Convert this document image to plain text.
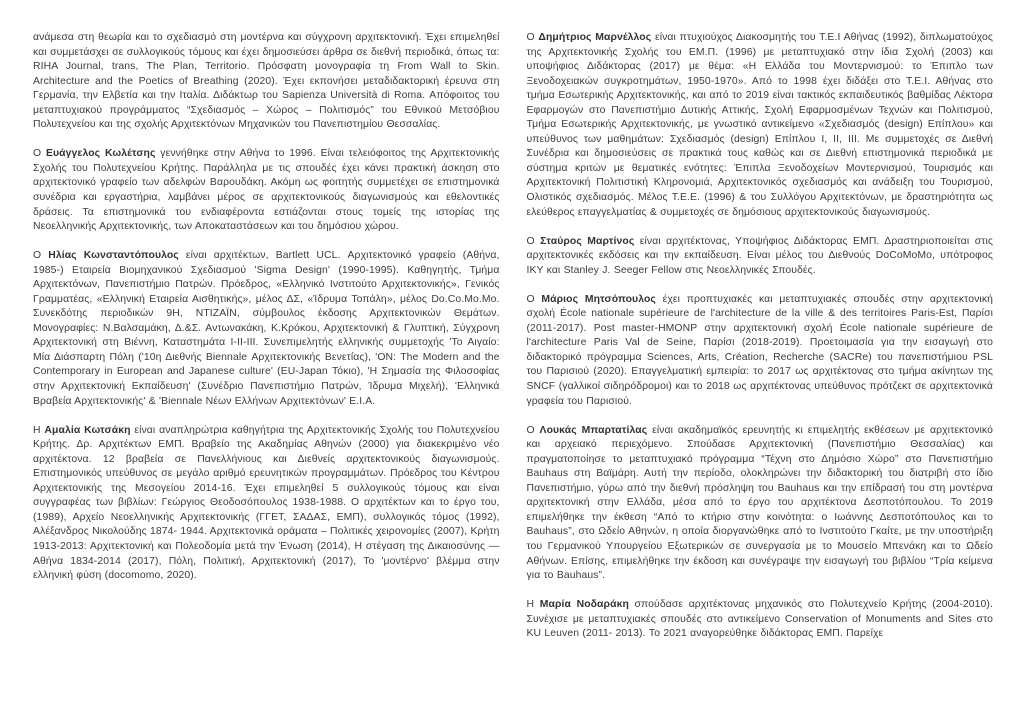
ανάμεσα στη θεωρία και το σχεδιασμό στη μοντέρνα και σύγχρονη αρχιτεκτονική. Έχει επιμεληθεί και συμμετάσχει σε συλλογικούς τόμους και έχει δημοσιεύσει άρθρα σε διεθνή περιοδικά, όπως τα: RIHA Journal, trans, The Plan, Territorio. Πρόσφατη μονογραφία τη From Wall to Skin. Architecture and the Poetics of Breathing (2020). Έχει εκπονήσει μεταδιδακτορική έρευνα στη Γερμανία, την Ελβετία και την Ιταλία. Διδάκτωρ του Sapienza Università di Roma. Απόφοιτος του μεταπτυχιακού προγράμματος “Σχεδιασμός – Χώρος – Πολιτισμός” του Εθνικού Μετσόβιου Πολυτεχνείου και της σχολής Αρχιτεκτόνων Μηχανικών του Πανεπιστημίου Θεσσαλίας.

Ο Ευάγγελος Κωλέτσης γεννήθηκε στην Αθήνα το 1996. Είναι τελειόφοιτος της Αρχιτεκτονικής Σχολής του Πολυτεχνείου Κρήτης. Παράλληλα με τις σπουδές έχει κάνει πρακτική άσκηση στο αρχιτεκτονικό γραφείο των αδελφών Βαρουδάκη. Ακόμη ως φοιτητής συμμετέχει σε επιστημονικά συνέδρια και εργαστήρια, λαμβάνει μέρος σε αρχιτεκτονικούς διαγωνισμούς και εθελοντικές δράσεις. Τα επιστημονικά του ενδιαφέροντα εστιάζονται στους τομείς της ιστορίας της Νεοελληνικής Αρχιτεκτονικής, των Αποκαταστάσεων και του δημόσιου χώρου.

Ο Ηλίας Κωνσταντόπουλος είναι αρχιτέκτων, Bartlett UCL. Αρχιτεκτονικό γραφείο (Αθήνα, 1985-) Εταιρεία Βιομηχανικού Σχεδιασμού 'Sigma Design' (1990-1995). Καθηγητής, Τμήμα Αρχιτεκτόνων, Πανεπιστήμιο Πατρών. Πρόεδρος, «Ελληνικό Ινστιτούτο Αρχιτεκτονικής», Γενικός Γραμματέας, «Ελληνική Εταιρεία Αισθητικής», μέλος ΔΣ, «Ίδρυμα Τοπάλη», μέλος Do.Co.Mo.Mo. Συνεκδότης περιοδικών 9Η, ΝΤΙΖΑΪΝ, σύμβουλος έκδοσης Αρχιτεκτονικών Θεμάτων. Μονογραφίες: Ν.Βαλσαμάκη, Δ.&Σ. Αντωνακάκη, Κ.Κρόκου, Αρχιτεκτονική & Γλυπτική, Σύγχρονη Αρχιτεκτονική στη Βιέννη, Καταστημάτα Ι-ΙΙ-ΙΙΙ. Συνεπιμελητής ελληνικής συμμετοχής 'Το Αιγαίο: Μία Διάσπαρτη Πόλη ('10η Διεθνής Biennale Αρχιτεκτονικής Βενετίας), 'ON: The Modern and the Contemporary in European and Japanese culture' (EU-Japan Τόκιο), 'Η Σημασία της Φιλοσοφίας στην Αρχιτεκτονική Εκπαίδευση' (Συνέδριο Πανεπιστήμιο Πατρών, Ίδρυμα Μιχελή), 'Ελληνικά Βραβεία Αρχιτεκτονικής' & 'Biennale Νέων Ελλήνων Αρχιτεκτόνων' Ε.Ι.Α.

Η Αμαλία Κωτσάκη είναι αναπληρώτρια καθηγήτρια της Αρχιτεκτονικής Σχολής του Πολυτεχνείου Κρήτης. Δρ. Αρχιτέκτων ΕΜΠ. Βραβείο της Ακαδημίας Αθηνών (2000) για διακεκριμένο νέο αρχιτέκτονα. 12 βραβεία σε Πανελλήνιους και Διεθνείς αρχιτεκτονικούς διαγωνισμούς. Επιστημονικός υπεύθυνος σε μεγάλο αριθμό ερευνητικών προγραμμάτων. Πρόεδρος του Κέντρου Αρχιτεκτονικής της Μεσογείου 2014-16. Έχει επιμεληθεί 5 συλλογικούς τόμους και είναι συγγραφέας των βιβλίων: Γεώργιος Θεοδοσόπουλος 1938-1988. Ο αρχιτέκτων και το έργο του, (1989), Αρχείο Νεοελληνικής Αρχιτεκτονικής (ΓΓΕΤ, ΣΑΔΑΣ, ΕΜΠ), συλλογικός τόμος (1992), Αλέξανδρος Νικολούδης 1874- 1944. Αρχιτεκτονικά οράματα – Πολιτικές χειρονομίες (2007), Κρήτη 1913-2013: Αρχιτεκτονική και Πολεοδομία μετά την Ένωση (2014), Η στέγαση της Δικαιοσύνης — Αθήνα 1834-2014 (2017), Πόλη, Πολιτική, Αρχιτεκτονική (2017), Το 'μοντέρνο' βλέμμα στην ελληνική φύση (docomomo, 2020).

Ο Δημήτριος Μαρνέλλος είναι πτυχιούχος Διακοσμητής του Τ.Ε.Ι Αθήνας (1992), διπλωματούχος της Αρχιτεκτονικής Σχολής του ΕΜ.Π. (1996) με μεταπτυχιακό στην ίδια Σχολή (2003) και υποψήφιος Διδάκτορας (2017) με θέμα: «Η Ελλάδα του Μοντερνισμού: το Έπιπλο των Ξενοδοχειακών συγκροτημάτων, 1950-1970». Από το 1998 έχει διδάξει στο Τ.Ε.Ι. Αθήνας στο τμήμα Εσωτερικής Αρχιτεκτονικής, και από το 2019 είναι τακτικός εκπαιδευτικός βαθμίδας Λέκτορα Εφαρμογών στο Πανεπιστήμιο Δυτικής Αττικής, Σχολή Εφαρμοσμένων Τεχνών και Πολιτισμού, Τμήμα Εσωτερικής Αρχιτεκτονικής, με γνωστικό αντικείμενο «Σχεδιασμός (design) Επίπλου» και υπεύθυνος των μαθημάτων: Σχεδιασμός (design) Επίπλου Ι, ΙΙ, ΙΙΙ. Με συμμετοχές σε Διεθνή Συνέδρια και δημοσιεύσεις σε πρακτικά τους καθώς και σε Διεθνή επιστημονικά περιοδικά με σύστημα κριτών με θεματικές ενότητες: Έπιπλα Ξενοδοχείων Μοντερνισμού, Τουρισμός και Αρχιτεκτονική Πολιτιστική Κληρονομιά, Αρχιτεκτονικός σχεδιασμός και ανάδειξη του Τουρισμού, Ολιστικός σχεδιασμός. Μέλος Τ.Ε.Ε. (1996) & του Συλλόγου Αρχιτεκτόνων, με δραστηριότητα ως ελεύθερος επαγγελματίας & συμμετοχές σε δημόσιους αρχιτεκτονικούς διαγωνισμούς.

Ο Σταύρος Μαρτίνος είναι αρχιτέκτονας, Υποψήφιος Διδάκτορας ΕΜΠ. Δραστηριοποιείται στις αρχιτεκτονικές εκδόσεις και την εκπαίδευση. Είναι μέλος του Διεθνούς DoCoMoMo, υπότροφος ΙΚΥ και Stanley J. Seeger Fellow στις Νεοελληνικές Σπουδές.

Ο Μάριος Μητσόπουλος έχει προπτυχιακές και μεταπτυχιακές σπουδές στην αρχιτεκτονική σχολή École nationale supérieure de l'architecture de la ville & des territoires Paris-Est, Παρίσι (2011-2017). Post master-HMONP στην αρχιτεκτονική σχολή École nationale supérieure de l'architecture Paris Val de Seine, Παρίσι (2018-2019). Προετοιμασία για την εισαγωγή στο διδακτορικό πρόγραμμα Sciences, Arts, Création, Recherche (SACRe) του πανεπιστήμιου PSL του Παρισιού (2020). Επαγγελματική εμπειρία: το 2017 ως αρχιτέκτονας στο τμήμα ακίνητων της SNCF (γαλλικοί σιδηρόδρομοι) και το 2018 ως αρχιτέκτονας υπεύθυνος πρότζεκτ σε αρχιτεκτονικά γραφεία του Παρισιού.

Ο Λουκάς Μπαρτατίλας είναι ακαδημαϊκός ερευνητής κι επιμελητής εκθέσεων με αρχιτεκτονικό και αρχειακό περιεχόμενο. Σπούδασε Αρχιτεκτονική (Πανεπιστήμιο Θεσσαλίας) και πραγματοποίησε το μεταπτυχιακό πρόγραμμα “Τέχνη στο Δημόσιο Χώρο” στο Πανεπιστήμιο Bauhaus στη Βαϊμάρη. Αυτή την περίοδο, ολοκληρώνει την διδακτορική του διατριβή στο ίδιο Πανεπιστήμιο, γύρω από την διεθνή πρόσληψη του Bauhaus και την επίδρασή του στη μοντέρνα αρχιτεκτονική στην Ελλάδα, μέσα από το έργο του αρχιτέκτονα Δεσποτόπουλου. Το 2019 επιμελήθηκε την έκθεση “Από το κτήριο στην κοινότητα: ο Ιωάννης Δεσποτόπουλος και το Bauhaus”, στο Ωδείο Αθηνών, η οποία διοργανώθηκε από το Ινστιτούτο Γκαίτε, με την υποστήριξη του Γερμανικού Υπουργείου Εξωτερικών σε συνεργασία με το Μουσείο Μπενάκη και το Ωδείο Αθήνων. Επίσης, επιμελήθηκε την έκδοση και συνέγραψε την εισαγωγή του βιβλίου “Τρία κείμενα για το Bauhaus”.

Η Μαρία Νοδαράκη σπούδασε αρχιτέκτονας μηχανικός στο Πολυτεχνείο Κρήτης (2004-2010). Συνέχισε με μεταπτυχιακές σπουδές στο αντικείμενο Conservation of Monuments and Sites στο KU Leuven (2011- 2013). Το 2021 αναγορεύθηκε διδάκτορας ΕΜΠ. Παρείχε
